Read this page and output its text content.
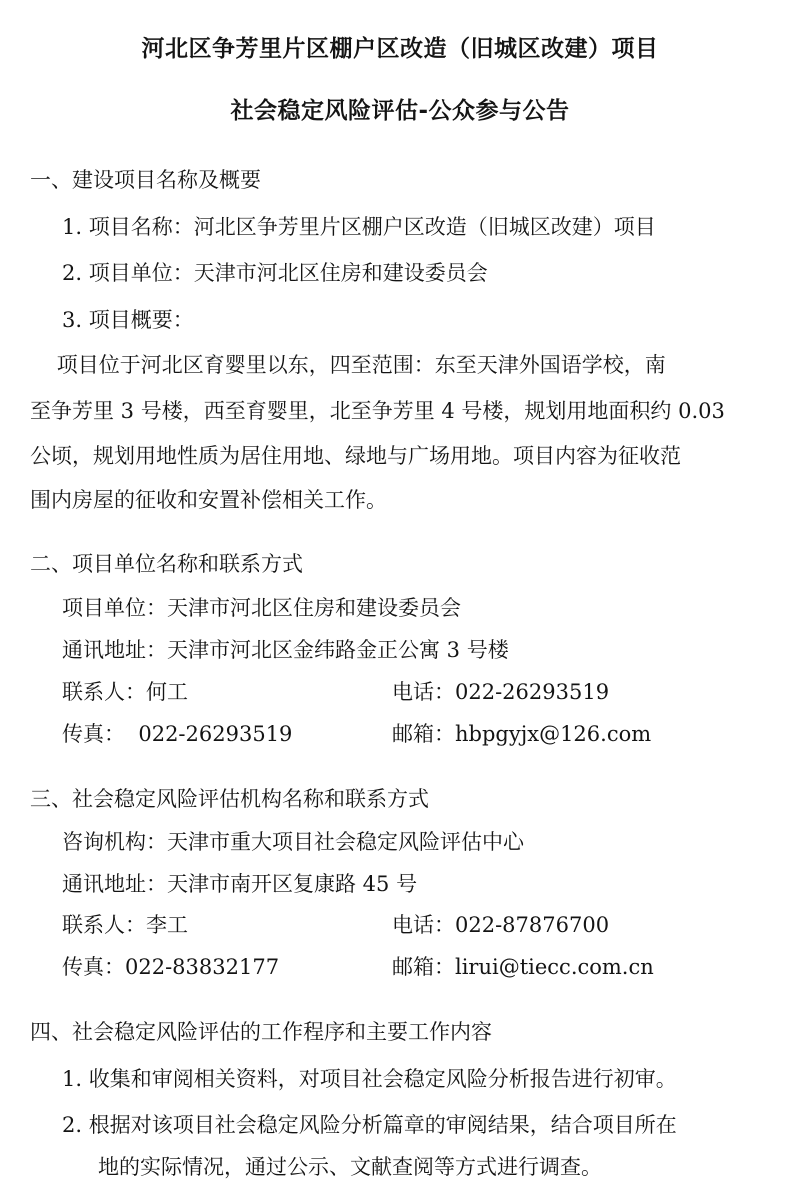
河北区争芳里片区棚户区改造（旧城区改建）项目
社会稳定风险评估-公众参与公告
一、建设项目名称及概要
1. 项目名称：河北区争芳里片区棚户区改造（旧城区改建）项目
2. 项目单位：天津市河北区住房和建设委员会
3. 项目概要：
项目位于河北区育婴里以东，四至范围：东至天津外国语学校，南
至争芳里 3 号楼，西至育婴里，北至争芳里 4 号楼，规划用地面积约 0.03
公顷，规划用地性质为居住用地、绿地与广场用地。项目内容为征收范
围内房屋的征收和安置补偿相关工作。
二、项目单位名称和联系方式
项目单位：天津市河北区住房和建设委员会
通讯地址：天津市河北区金纬路金正公寓 3 号楼
联系人：何工	电话：022-26293519
传真：  022-26293519	邮箱：hbpgyjx@126.com
三、社会稳定风险评估机构名称和联系方式
咨询机构：天津市重大项目社会稳定风险评估中心
通讯地址：天津市南开区复康路 45 号
联系人：李工	电话：022-87876700
传真：022-83832177	邮箱：lirui@tiecc.com.cn
四、社会稳定风险评估的工作程序和主要工作内容
1. 收集和审阅相关资料，对项目社会稳定风险分析报告进行初审。
2. 根据对该项目社会稳定风险分析篇章的审阅结果，结合项目所在
地的实际情况，通过公示、文献查阅等方式进行调查。
